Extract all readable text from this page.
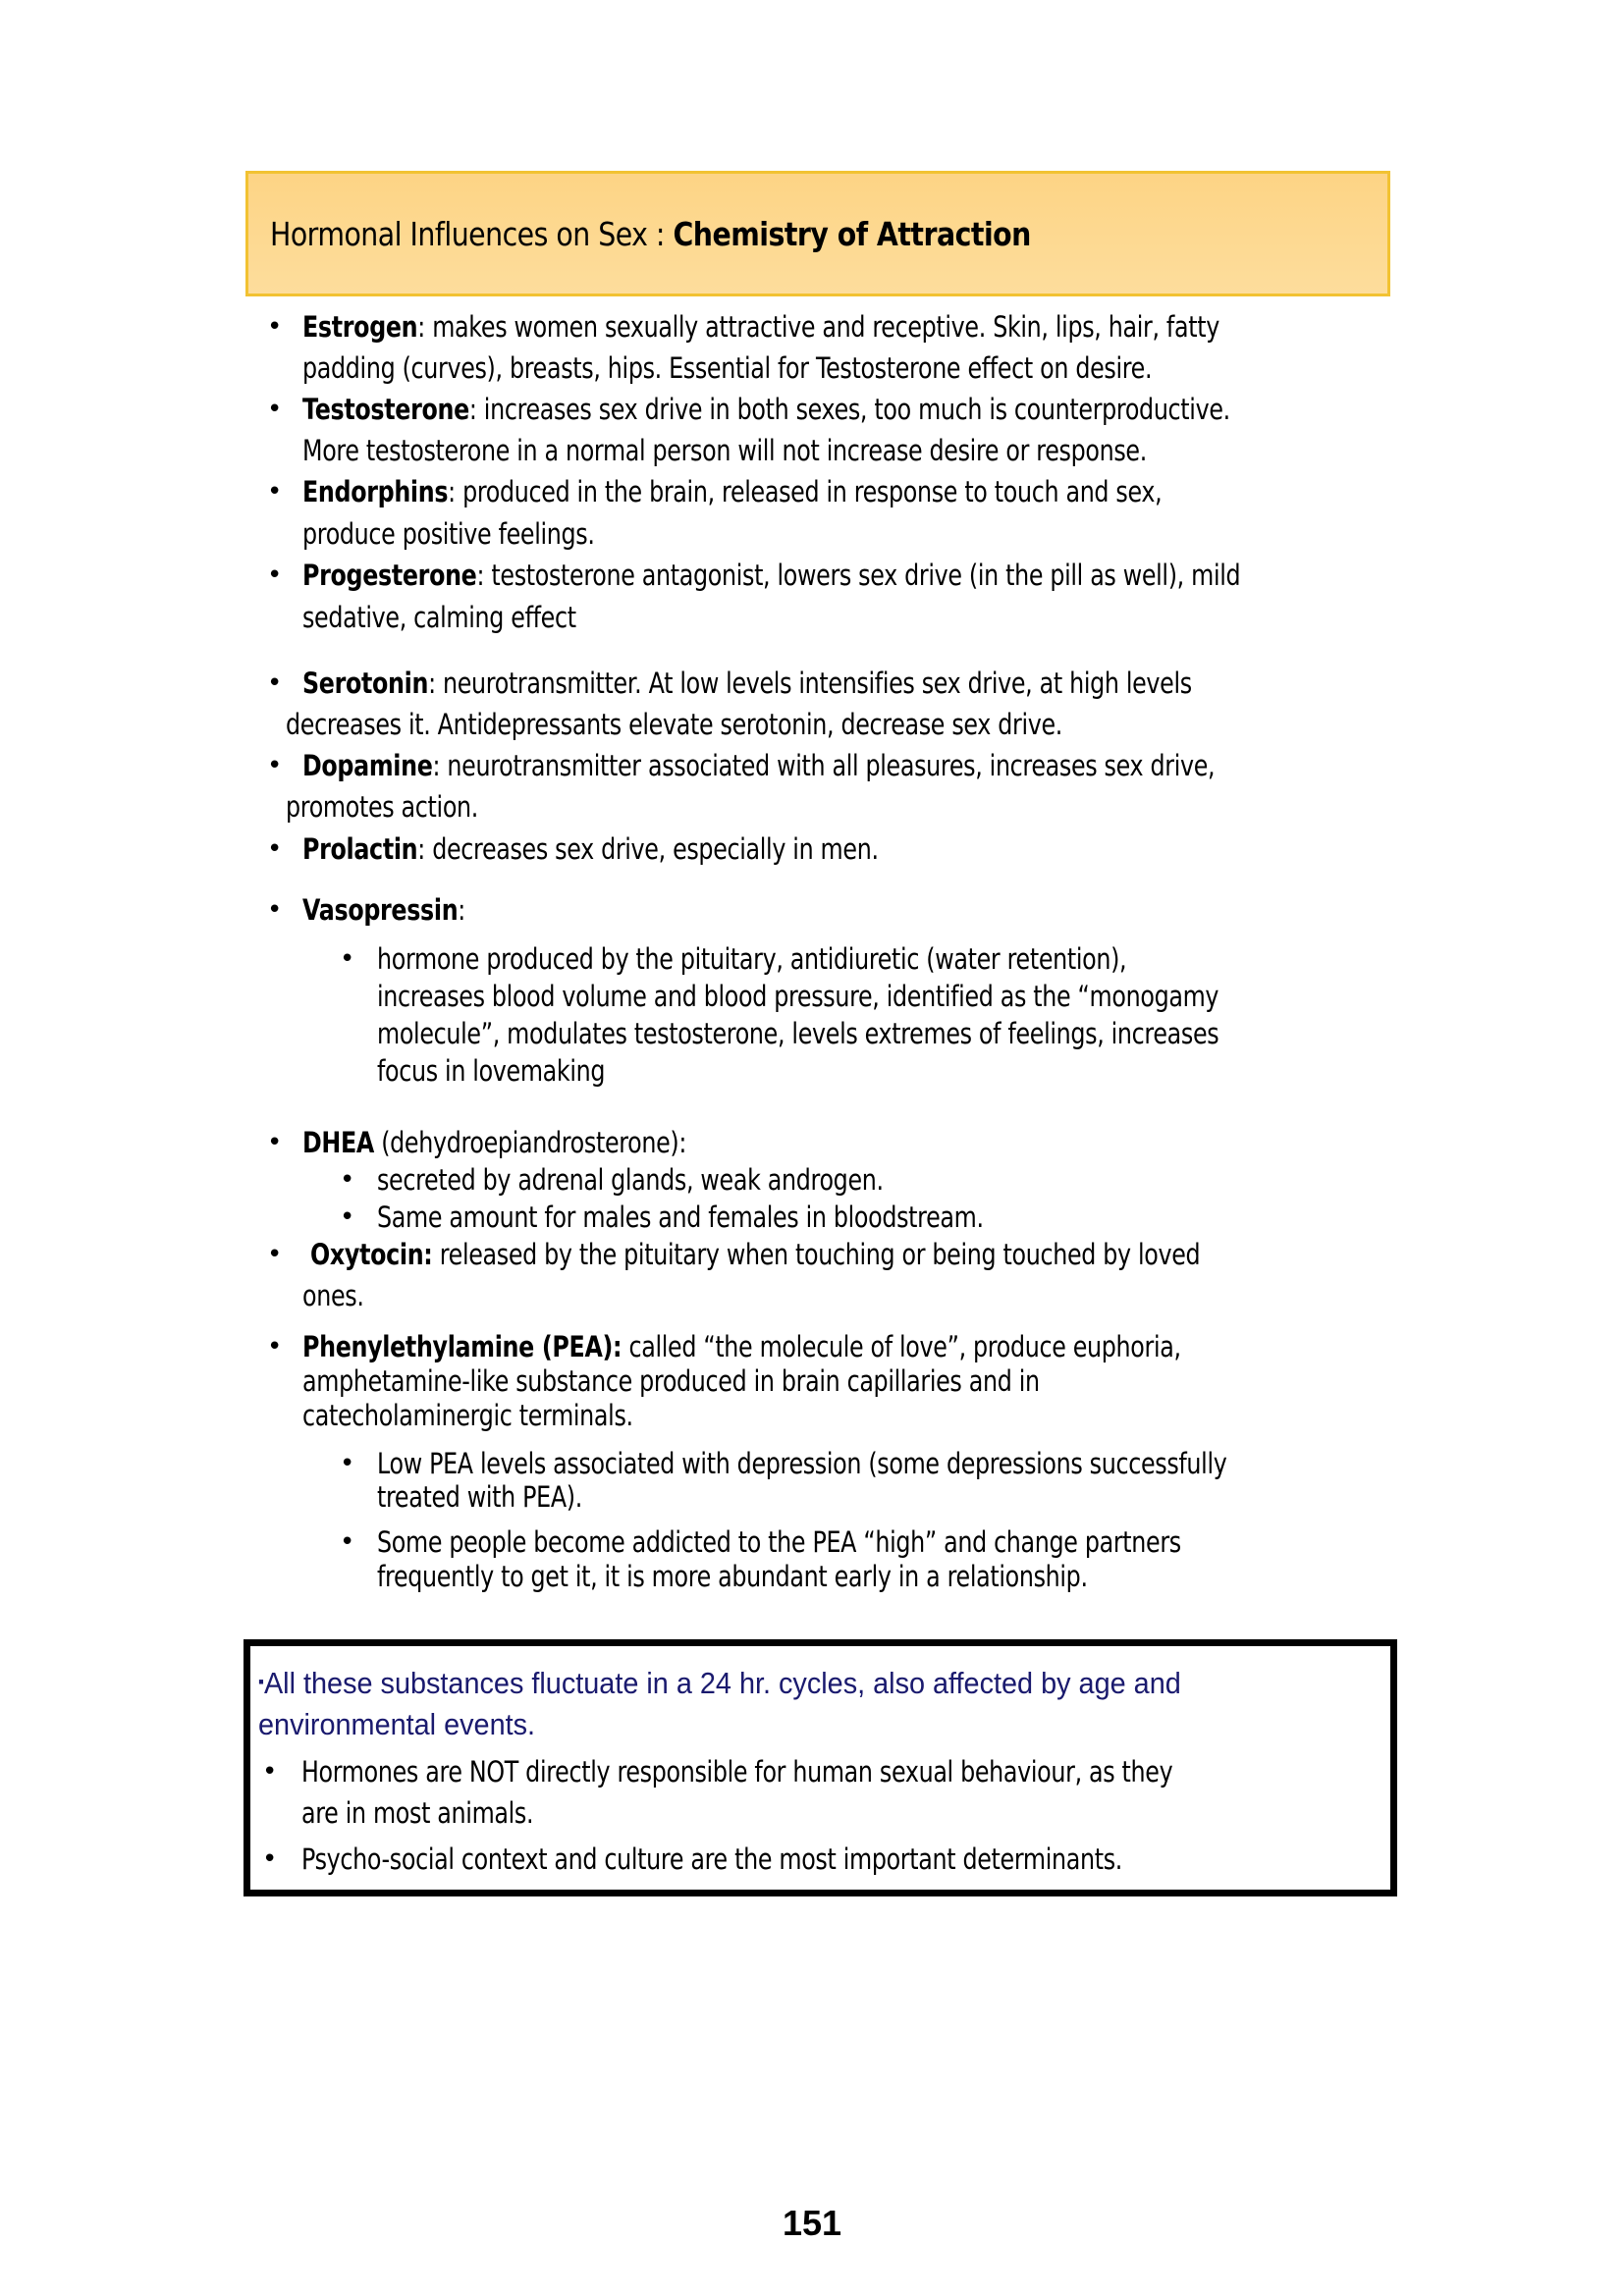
Hormonal Influences on Sex : Chemistry of Attraction
• Estrogen: makes women sexually attractive and receptive. Skin, lips, hair, fatty
padding (curves), breasts, hips. Essential for Testosterone effect on desire.
• Testosterone: increases sex drive in both sexes, too much is counterproductive.
More testosterone in a normal person will not increase desire or response.
• Endorphins: produced in the brain, released in response to touch and sex,
produce positive feelings.
• Progesterone: testosterone antagonist, lowers sex drive (in the pill as well), mild
sedative, calming effect
• Serotonin: neurotransmitter. At low levels intensifies sex drive, at high levels
decreases it. Antidepressants elevate serotonin, decrease sex drive.
• Dopamine: neurotransmitter associated with all pleasures, increases sex drive,
promotes action.
• Prolactin: decreases sex drive, especially in men.
• Vasopressin:
• hormone produced by the pituitary, antidiuretic (water retention),
increases blood volume and blood pressure, identified as the “monogamy
molecule”, modulates testosterone, levels extremes of feelings, increases
focus in lovemaking
• DHEA (dehydroepiandrosterone):
• secreted by adrenal glands, weak androgen.
• Same amount for males and females in bloodstream.
• Oxytocin: released by the pituitary when touching or being touched by loved
ones.
• Phenylethylamine (PEA): called “the molecule of love”, produce euphoria,
amphetamine-like substance produced in brain capillaries and in
catecholaminergic terminals.
• Low PEA levels associated with depression (some depressions successfully
treated with PEA).
• Some people become addicted to the PEA “high” and change partners
frequently to get it, it is more abundant early in a relationship.
▪All these substances fluctuate in a 24 hr. cycles, also affected by age and
environmental events.
• Hormones are NOT directly responsible for human sexual behaviour, as they
are in most animals.
• Psycho-social context and culture are the most important determinants.
151
